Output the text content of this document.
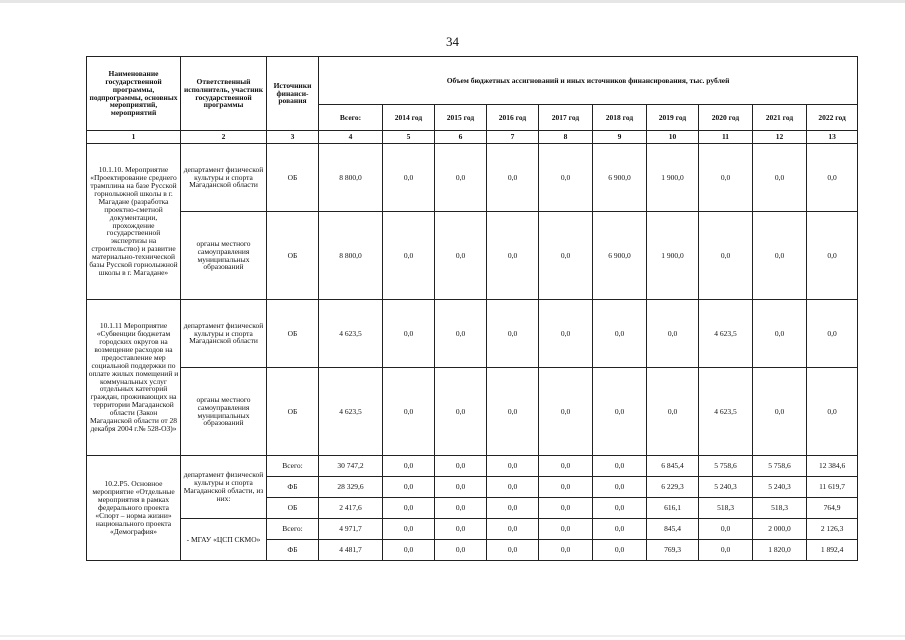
34
Наименование государственной программы, подпрограммы, основных мероприятий, мероприятий	Ответственный исполнитель, участник государственной программы	Источники финанси-рования	Объем бюджетных ассигнований и иных источников финансирования, тыс. рублей									
			Всего:	2014 год	2015 год	2016 год	2017 год	2018 год	2019 год	2020 год	2021 год	2022 год
1	2	3	4	5	6	7	8	9	10	11	12	13
10.1.10. Мероприятие «Проектирование среднего трамплина на базе Русской горнолыжной школы в г. Магадане (разработка проектно-сметной документации, прохождение государственной экспертизы на строительство) и развитие материально-технической базы Русской горнолыжной школы в г. Магадане»	департамент физической культуры и спорта Магаданской области	ОБ	8 800,0	0,0	0,0	0,0	0,0	6 900,0	1 900,0	0,0	0,0	0,0
	органы местного самоуправления муниципальных образований	ОБ	8 800,0	0,0	0,0	0,0	0,0	6 900,0	1 900,0	0,0	0,0	0,0
10.1.11 Мероприятие «Субвенции бюджетам городских округов на возмещение расходов на предоставление мер социальной поддержки по оплате жилых помещений и коммунальных услуг отдельных категорий граждан, проживающих на территории Магаданской области (Закон Магаданской области от 28 декабря 2004 г.№ 528-ОЗ)»	департамент физической культуры и спорта Магаданской области	ОБ	4 623,5	0,0	0,0	0,0	0,0	0,0	0,0	4 623,5	0,0	0,0
	органы местного самоуправления муниципальных образований	ОБ	4 623,5	0,0	0,0	0,0	0,0	0,0	0,0	4 623,5	0,0	0,0
10.2.Р5. Основное мероприятие «Отдельные мероприятия в рамках федерального проекта «Спорт – норма жизни» национального проекта «Демография»	департамент физической культуры и спорта Магаданской области, из них:	Всего:	30 747,2	0,0	0,0	0,0	0,0	0,0	6 845,4	5 758,6	5 758,6	12 384,6
		ФБ	28 329,6	0,0	0,0	0,0	0,0	0,0	6 229,3	5 240,3	5 240,3	11 619,7
		ОБ	2 417,6	0,0	0,0	0,0	0,0	0,0	616,1	518,3	518,3	764,9
	- МГАУ «ЦСП СКМО»	Всего:	4 971,7	0,0	0,0	0,0	0,0	0,0	845,4	0,0	2 000,0	2 126,3
		ФБ	4 481,7	0,0	0,0	0,0	0,0	0,0	769,3	0,0	1 820,0	1 892,4
